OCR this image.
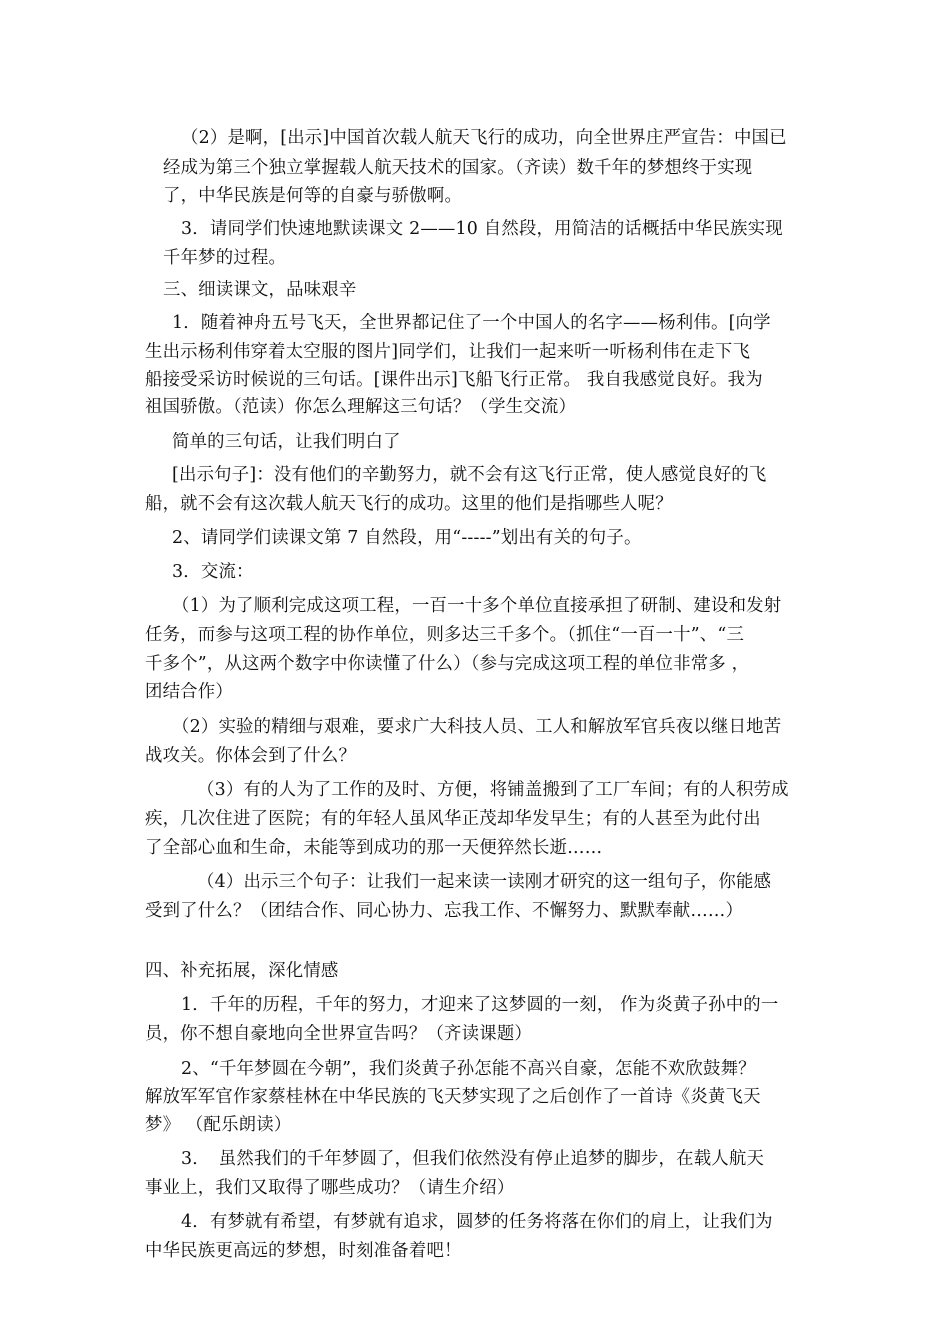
（2）是啊，[出示]中国首次载人航天飞行的成功，向全世界庄严宣告：中国已
经成为第三个独立掌握载人航天技术的国家。（齐读）数千年的梦想终于实现
了，中华民族是何等的自豪与骄傲啊。
3．请同学们快速地默读课文 2——10 自然段，用简洁的话概括中华民族实现
千年梦的过程。
三、细读课文，品味艰辛
1．随着神舟五号飞天，全世界都记住了一个中国人的名字——杨利伟。[向学
生出示杨利伟穿着太空服的图片]同学们，让我们一起来听一听杨利伟在走下飞
船接受采访时候说的三句话。[课件出示]飞船飞行正常。 我自我感觉良好。我为
祖国骄傲。（范读）你怎么理解这三句话？（学生交流）
简单的三句话，让我们明白了
[出示句子]：没有他们的辛勤努力，就不会有这飞行正常，使人感觉良好的飞
船，就不会有这次载人航天飞行的成功。这里的他们是指哪些人呢？
2、请同学们读课文第 7 自然段，用“-----”划出有关的句子。
3．交流：
（1）为了顺利完成这项工程，一百一十多个单位直接承担了研制、建设和发射
任务，而参与这项工程的协作单位，则多达三千多个。（抓住“一百一十”、“三
千多个”，从这两个数字中你读懂了什么）（参与完成这项工程的单位非常多 ，
团结合作）
（2）实验的精细与艰难，要求广大科技人员、工人和解放军官兵夜以继日地苦
战攻关。你体会到了什么？
（3）有的人为了工作的及时、方便，将铺盖搬到了工厂车间；有的人积劳成
疾，几次住进了医院；有的年轻人虽风华正茂却华发早生；有的人甚至为此付出
了全部心血和生命，未能等到成功的那一天便猝然长逝……
（4）出示三个句子：让我们一起来读一读刚才研究的这一组句子，你能感
受到了什么？（团结合作、同心协力、忘我工作、不懈努力、默默奉献……）
四、补充拓展，深化情感
1．千年的历程，千年的努力，才迎来了这梦圆的一刻， 作为炎黄子孙中的一
员，你不想自豪地向全世界宣告吗？（齐读课题）
2、“千年梦圆在今朝”，我们炎黄子孙怎能不高兴自豪，怎能不欢欣鼓舞？
解放军军官作家蔡桂林在中华民族的飞天梦实现了之后创作了一首诗《炎黄飞天
梦》 （配乐朗读）
3．　虽然我们的千年梦圆了，但我们依然没有停止追梦的脚步，在载人航天
事业上，我们又取得了哪些成功？（请生介绍）
4．有梦就有希望，有梦就有追求，圆梦的任务将落在你们的肩上，让我们为
中华民族更高远的梦想，时刻准备着吧！
